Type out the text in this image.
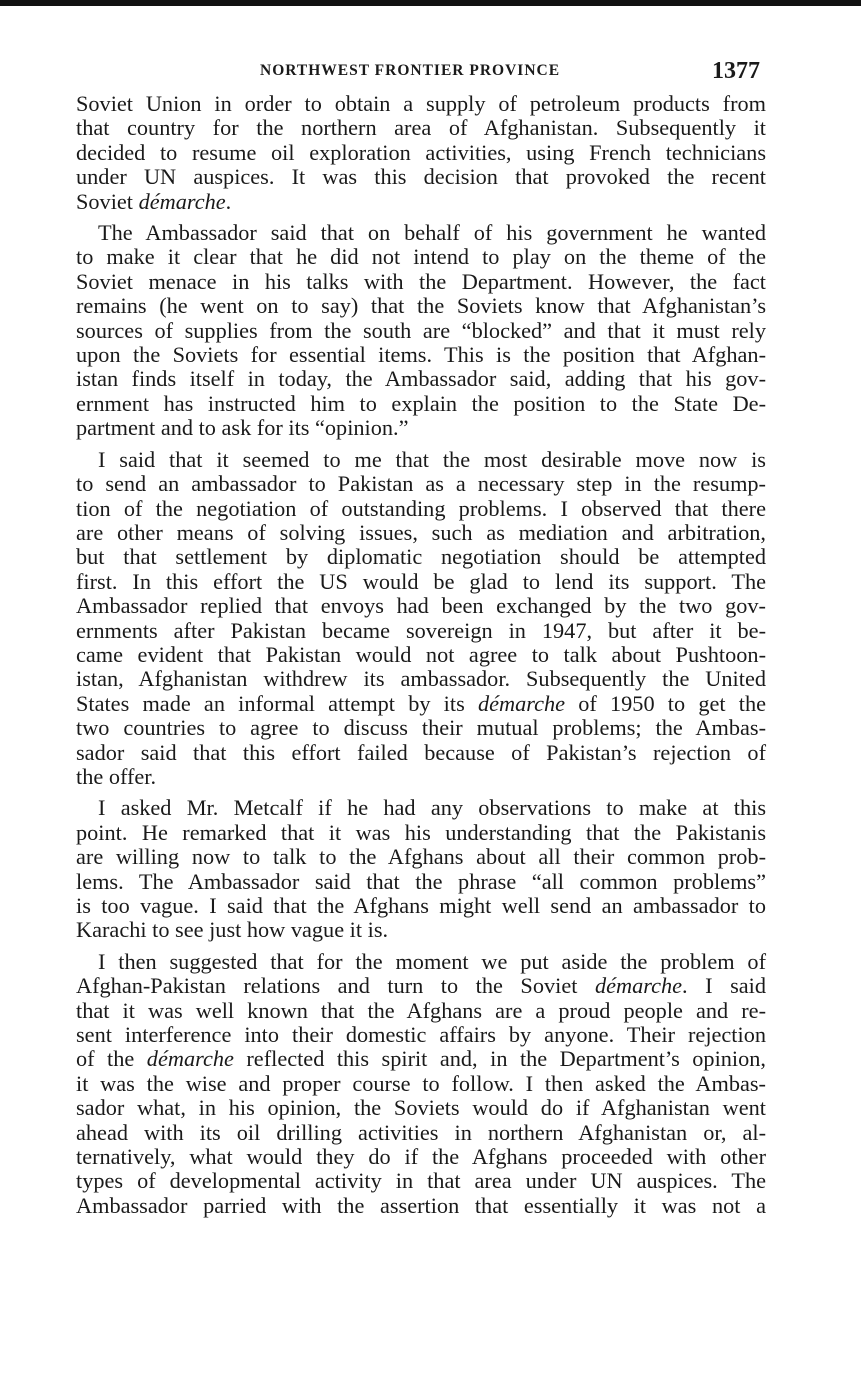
NORTHWEST FRONTIER PROVINCE	1377
Soviet Union in order to obtain a supply of petroleum products from
that country for the northern area of Afghanistan. Subsequently it
decided to resume oil exploration activities, using French technicians
under UN auspices. It was this decision that provoked the recent
Soviet démarche.
The Ambassador said that on behalf of his government he wanted
to make it clear that he did not intend to play on the theme of the
Soviet menace in his talks with the Department. However, the fact
remains (he went on to say) that the Soviets know that Afghanistan’s
sources of supplies from the south are “blocked” and that it must rely
upon the Soviets for essential items. This is the position that Afghan-
istan finds itself in today, the Ambassador said, adding that his gov-
ernment has instructed him to explain the position to the State De-
partment and to ask for its “opinion.”
I said that it seemed to me that the most desirable move now is
to send an ambassador to Pakistan as a necessary step in the resump-
tion of the negotiation of outstanding problems. I observed that there
are other means of solving issues, such as mediation and arbitration,
but that settlement by diplomatic negotiation should be attempted
first. In this effort the US would be glad to lend its support. The
Ambassador replied that envoys had been exchanged by the two gov-
ernments after Pakistan became sovereign in 1947, but after it be-
came evident that Pakistan would not agree to talk about Pushtoon-
istan, Afghanistan withdrew its ambassador. Subsequently the United
States made an informal attempt by its démarche of 1950 to get the
two countries to agree to discuss their mutual problems; the Ambas-
sador said that this effort failed because of Pakistan’s rejection of
the offer.
I asked Mr. Metcalf if he had any observations to make at this
point. He remarked that it was his understanding that the Pakistanis
are willing now to talk to the Afghans about all their common prob-
lems. The Ambassador said that the phrase “all common problems”
is too vague. I said that the Afghans might well send an ambassador to
Karachi to see just how vague it is.
I then suggested that for the moment we put aside the problem of
Afghan-Pakistan relations and turn to the Soviet démarche. I said
that it was well known that the Afghans are a proud people and re-
sent interference into their domestic affairs by anyone. Their rejection
of the démarche reflected this spirit and, in the Department’s opinion,
it was the wise and proper course to follow. I then asked the Ambas-
sador what, in his opinion, the Soviets would do if Afghanistan went
ahead with its oil drilling activities in northern Afghanistan or, al-
ternatively, what would they do if the Afghans proceeded with other
types of developmental activity in that area under UN auspices. The
Ambassador parried with the assertion that essentially it was not a
